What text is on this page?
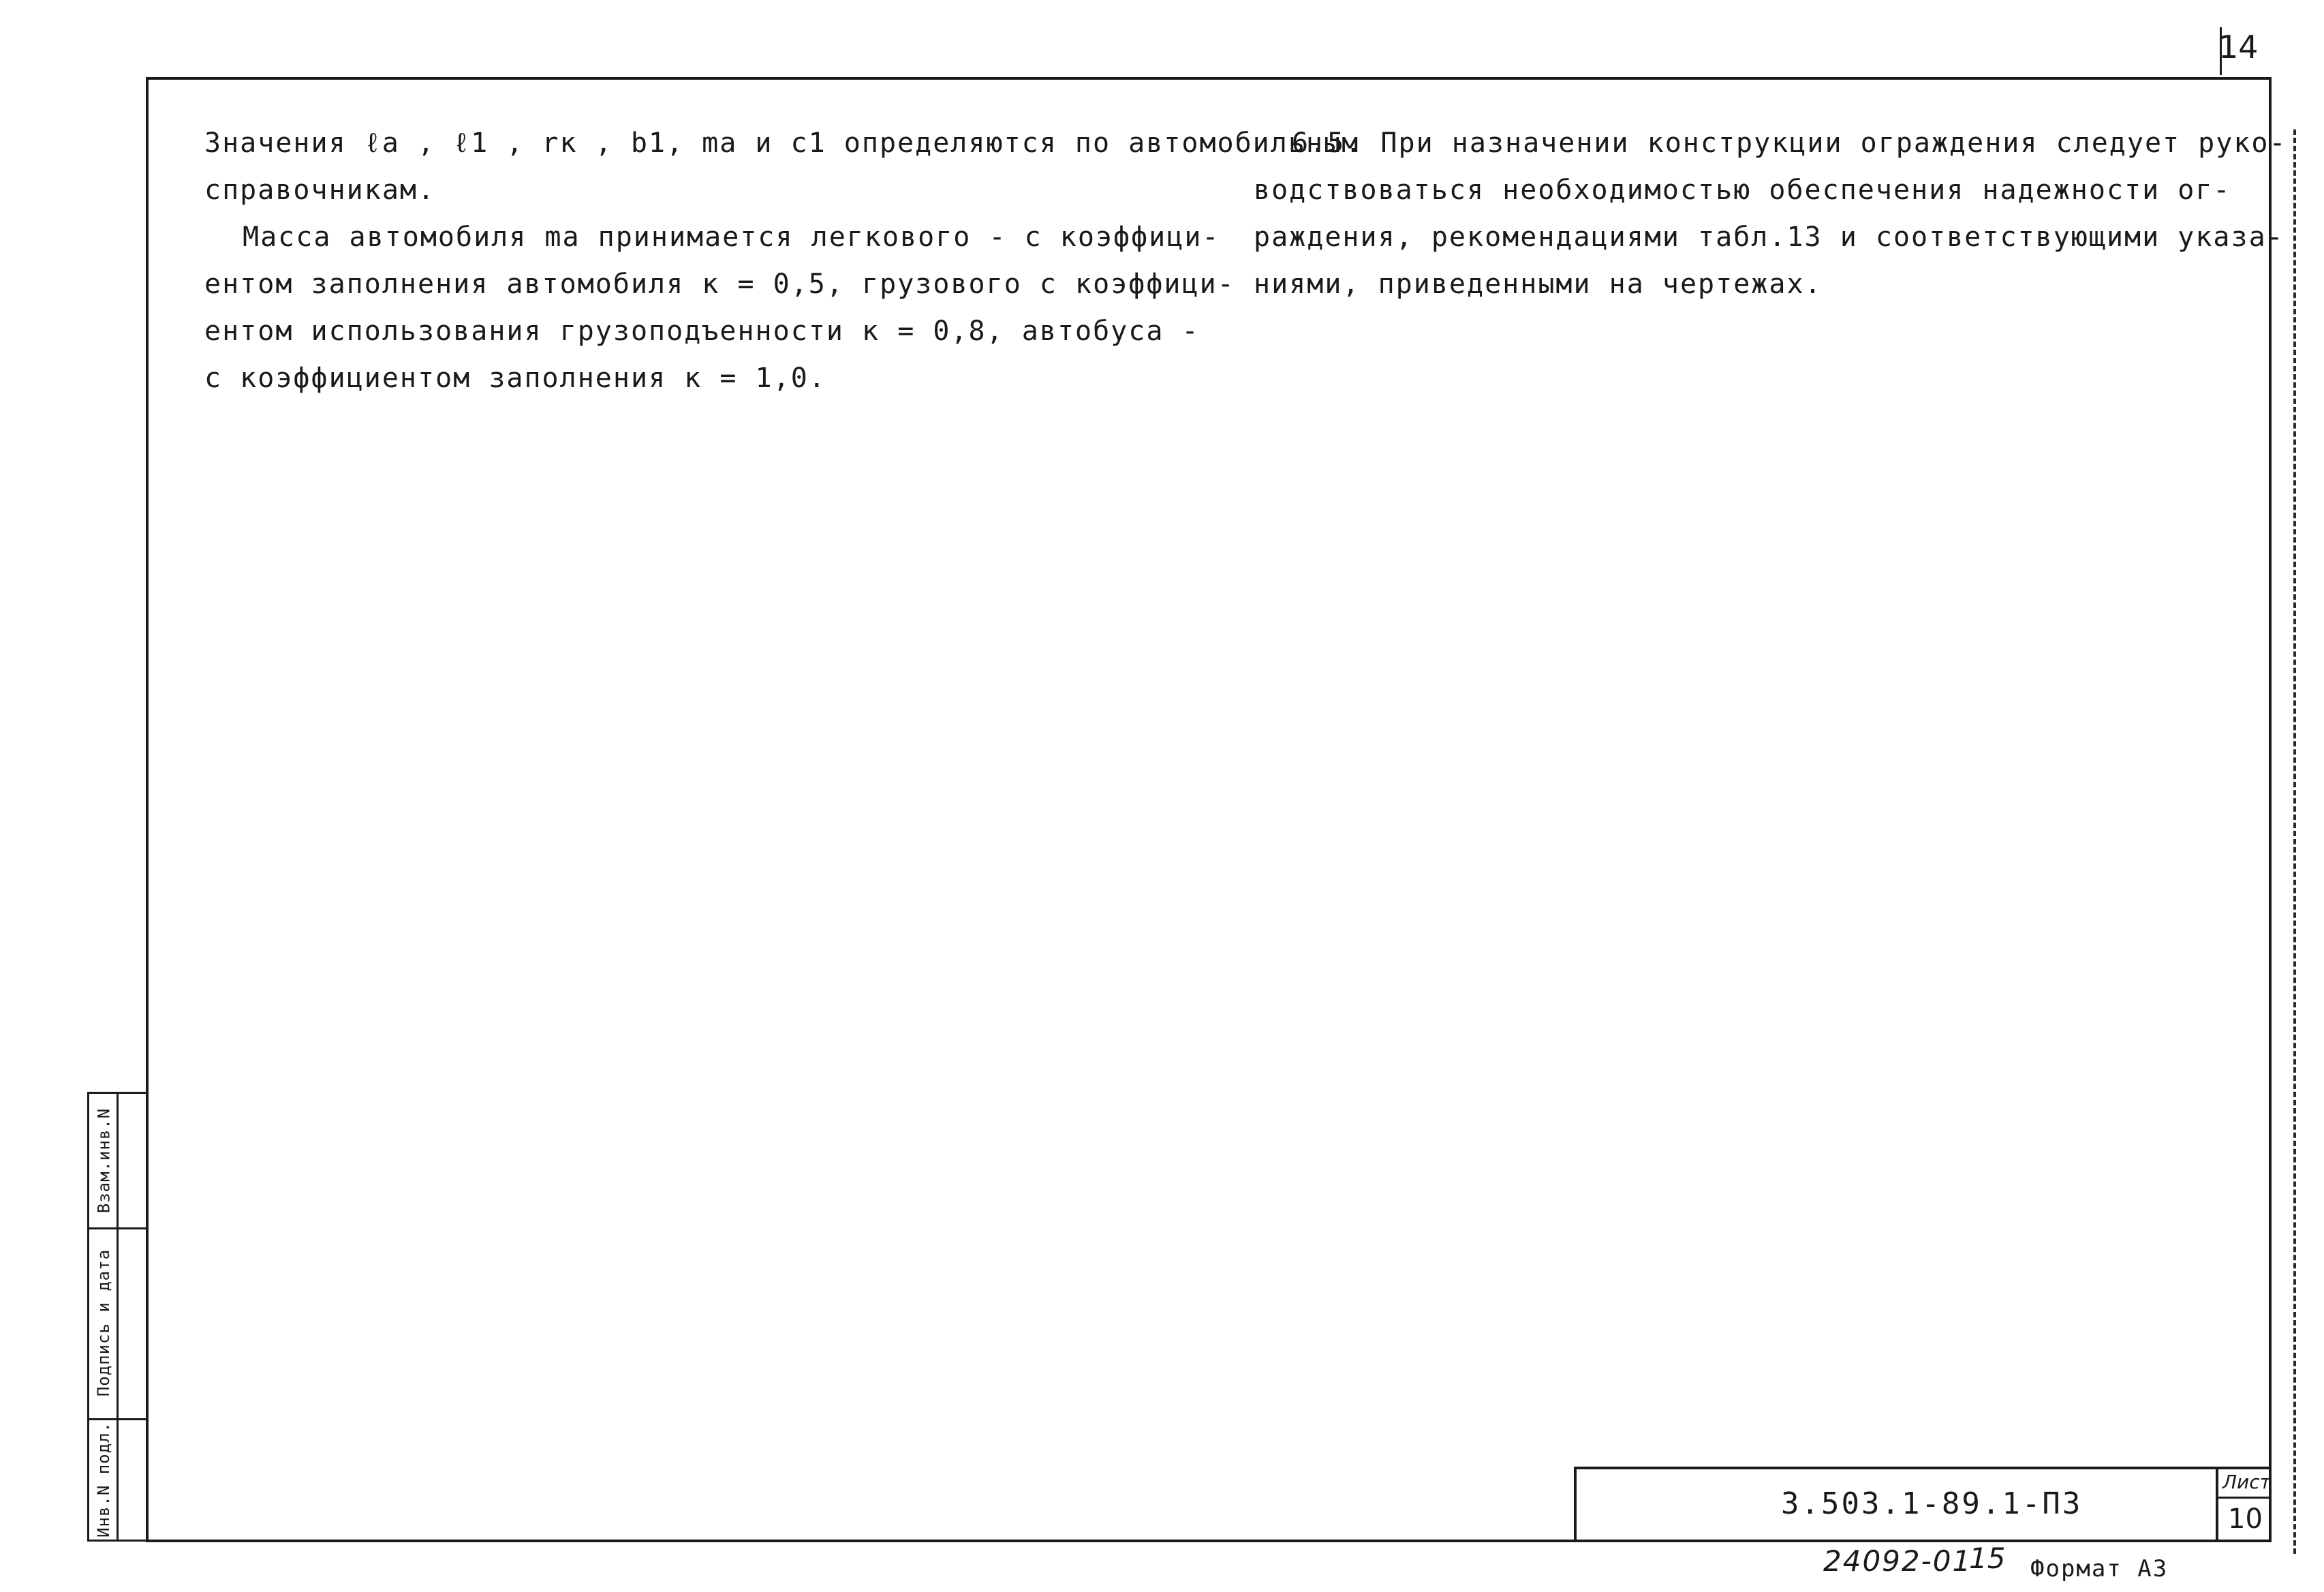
14
Значения ℓa , ℓ1 , rк , b1, mа и c1 определяются по автомобильным
справочникам.
Масса автомобиля mа принимается легкового - с коэффици-
ентом заполнения автомобиля к = 0,5, грузового с коэффици-
ентом использования грузоподъенности к = 0,8, автобуса -
с коэффициентом заполнения к = 1,0.
6.5. При назначении конструкции ограждения следует руко-
водствоваться необходимостью обеспечения надежности ог-
раждения, рекомендациями табл.13 и соответствующими указа-
ниями, приведенными на чертежах.
Взам.инв.N
Подпись и дата
Инв.N подл.	3.503.1-89.1-ПЗ
Лист
10
24092-01
15 Формат А3
